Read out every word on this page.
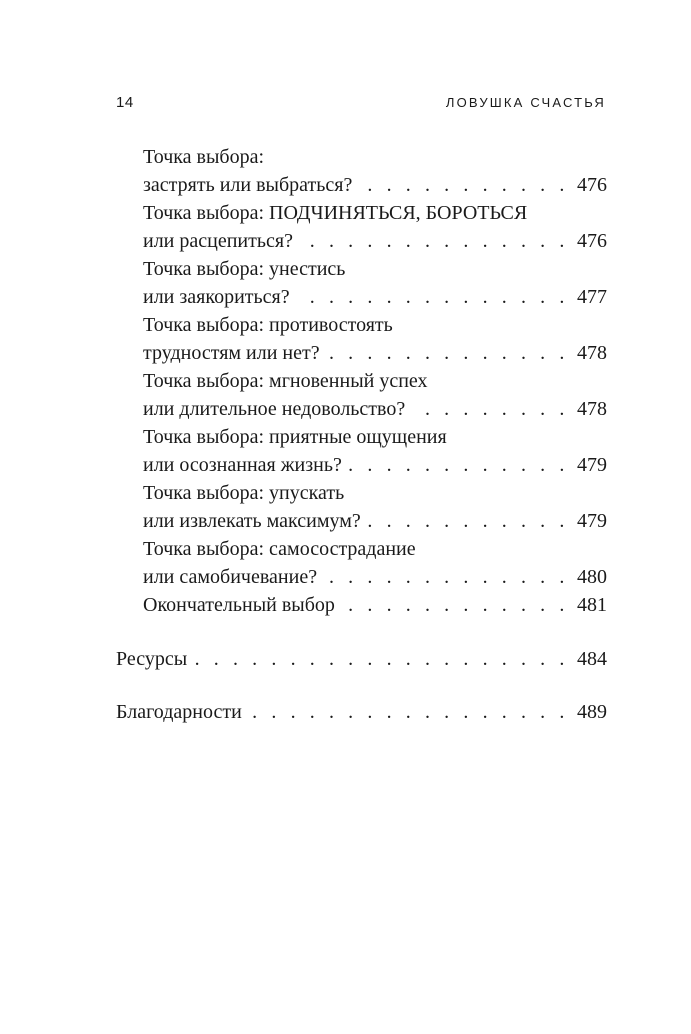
14	ЛОВУШКА СЧАСТЬЯ
Точка выбора:
застрять или выбраться? . . .	476
Точка выбора: ПОДЧИНЯТЬСЯ, БОРОТЬСЯ
или расцепиться? . . .	476
Точка выбора: унестись
или заякориться? . . .	477
Точка выбора: противостоять
трудностям или нет? . . .	478
Точка выбора: мгновенный успех
или длительное недовольство? . . .	478
Точка выбора: приятные ощущения
или осознанная жизнь? . . .	479
Точка выбора: упускать
или извлекать максимум? . . .	479
Точка выбора: самосострадание
или самобичевание? . . .	480
Окончательный выбор . . .	481
Ресурсы . . .	484
Благодарности . . .	489
